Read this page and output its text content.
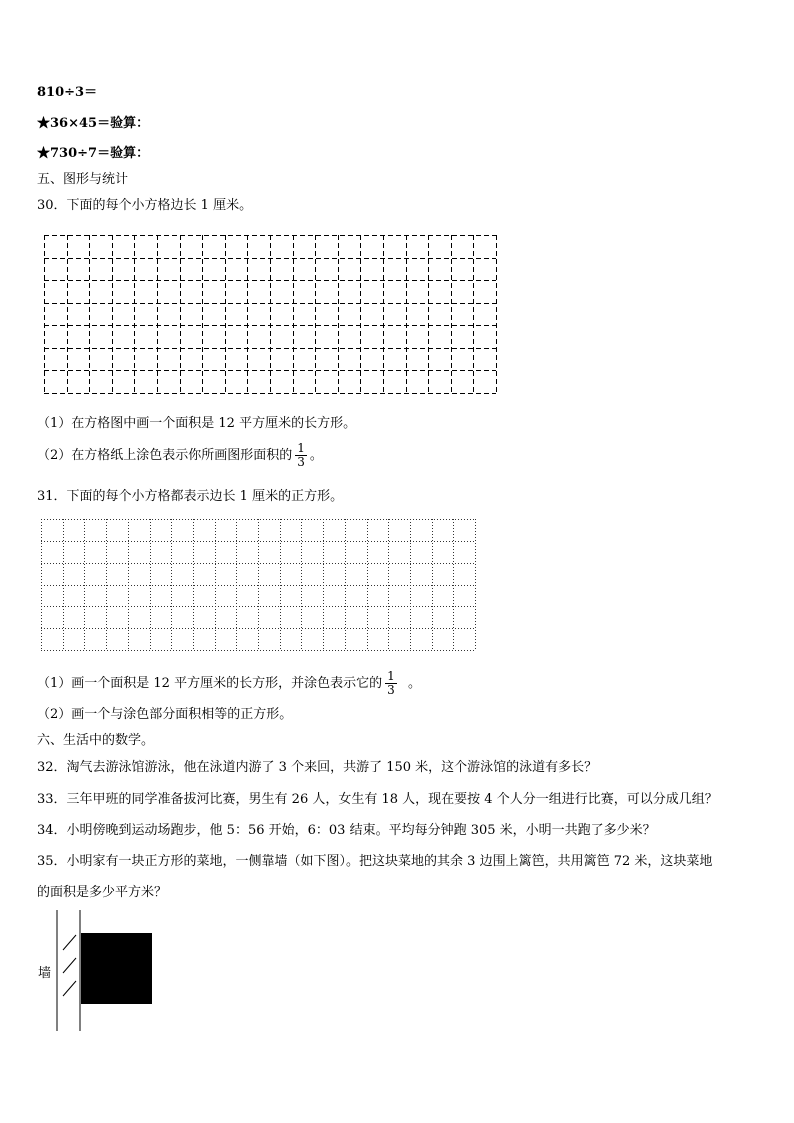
810÷3＝
★36×45＝验算：
★730÷7＝验算：
五、图形与统计
30．下面的每个小方格边长 1 厘米。
（1）在方格图中画一个面积是 12 平方厘米的长方形。
（2）在方格纸上涂色表示你所画图形面积的 $\frac{1}{3}$ 。
31．下面的每个小方格都表示边长 1 厘米的正方形。
（1）画一个面积是 12 平方厘米的长方形，并涂色表示它的 $\frac{1}{3}$ 。
（2）画一个与涂色部分面积相等的正方形。
六、生活中的数学。
32．淘气去游泳馆游泳，他在泳道内游了 3 个来回，共游了 150 米，这个游泳馆的泳道有多长？
33．三年甲班的同学准备拔河比赛，男生有 26 人，女生有 18 人，现在要按 4 个人分一组进行比赛，可以分成几组？
34．小明傍晚到运动场跑步，他 5：56 开始，6：03 结束。平均每分钟跑 305 米，小明一共跑了多少米？
35．小明家有一块正方形的菜地，一侧靠墙（如下图）。把这块菜地的其余 3 边围上篱笆，共用篱笆 72 米，这块菜地
的面积是多少平方米？
墙
